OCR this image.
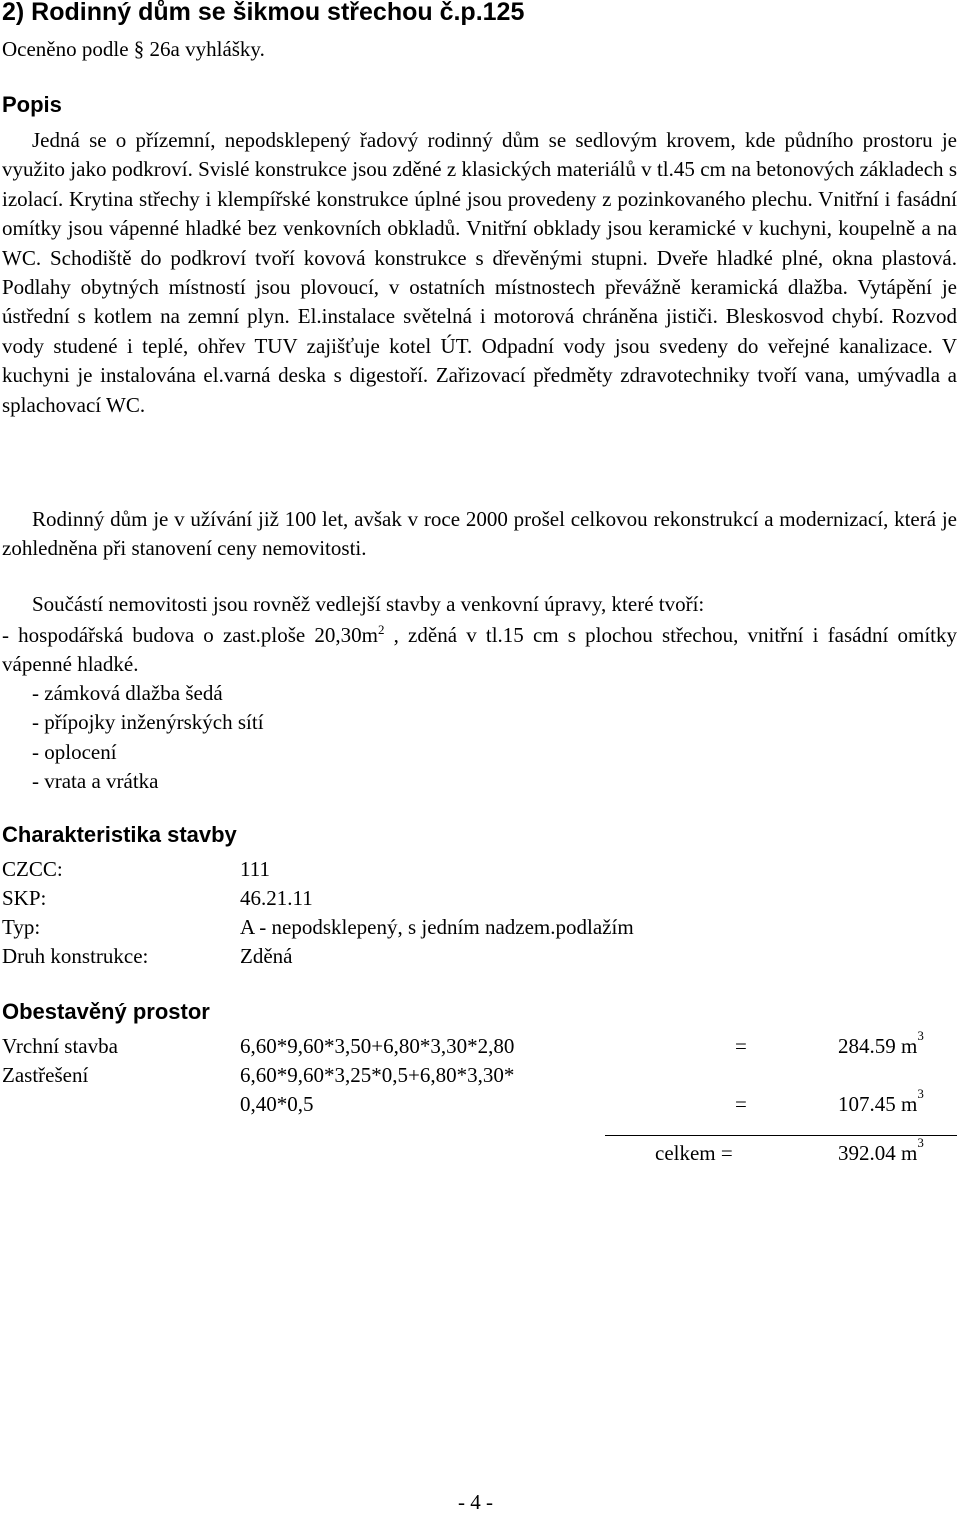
2) Rodinný dům se šikmou střechou č.p.125
Oceněno podle § 26a vyhlášky.
Popis
Jedná se o přízemní, nepodsklepený řadový rodinný dům se sedlovým krovem, kde půdního prostoru je využito jako podkroví. Svislé konstrukce jsou zděné z klasických materiálů v tl.45 cm na betonových základech s izolací. Krytina střechy i klempířské konstrukce úplné jsou provedeny z pozinkovaného plechu. Vnitřní i fasádní omítky jsou vápenné hladké bez venkovních obkladů. Vnitřní obklady jsou keramické v kuchyni, koupelně a na WC. Schodiště do podkroví tvoří kovová konstrukce s dřevěnými stupni. Dveře hladké plné, okna plastová. Podlahy obytných místností jsou plovoucí, v ostatních místnostech převážně keramická dlažba. Vytápění je ústřední s kotlem na zemní plyn. El.instalace světelná i motorová chráněna jističi. Bleskosvod chybí. Rozvod vody studené i teplé, ohřev TUV zajišťuje kotel ÚT. Odpadní vody jsou svedeny do veřejné kanalizace. V kuchyni je instalována el.varná deska s digestoří. Zařizovací předměty zdravotechniky tvoří vana, umývadla a splachovací WC.
Rodinný dům je v užívání již 100 let, avšak v roce 2000 prošel celkovou rekonstrukcí a modernizací, která je zohledněna při stanovení ceny nemovitosti.
Součástí nemovitosti jsou rovněž vedlejší stavby a venkovní úpravy, které tvoří:
- hospodářská budova o zast.ploše $20,30m^2$ , zděná v tl.15 cm s plochou střechou, vnitřní i fasádní omítky vápenné hladké.
- zámková dlažba šedá
- přípojky inženýrských sítí
- oplocení
- vrata a vrátka
Charakteristika stavby
CZCC:	111
SKP:	46.21.11
Typ:	A - nepodsklepený, s jedním nadzem.podlažím
Druh konstrukce:	Zděná
Obestavěný prostor
Vrchní stavba	6,60*9,60*3,50+6,80*3,30*2,80	=	284.59 $m^3$
Zastřešení	6,60*9,60*3,25*0,5+6,80*3,30*
0,40*0,5	=	107.45 $m^3$
celkem =	392.04 $m^3$
- 4 -
